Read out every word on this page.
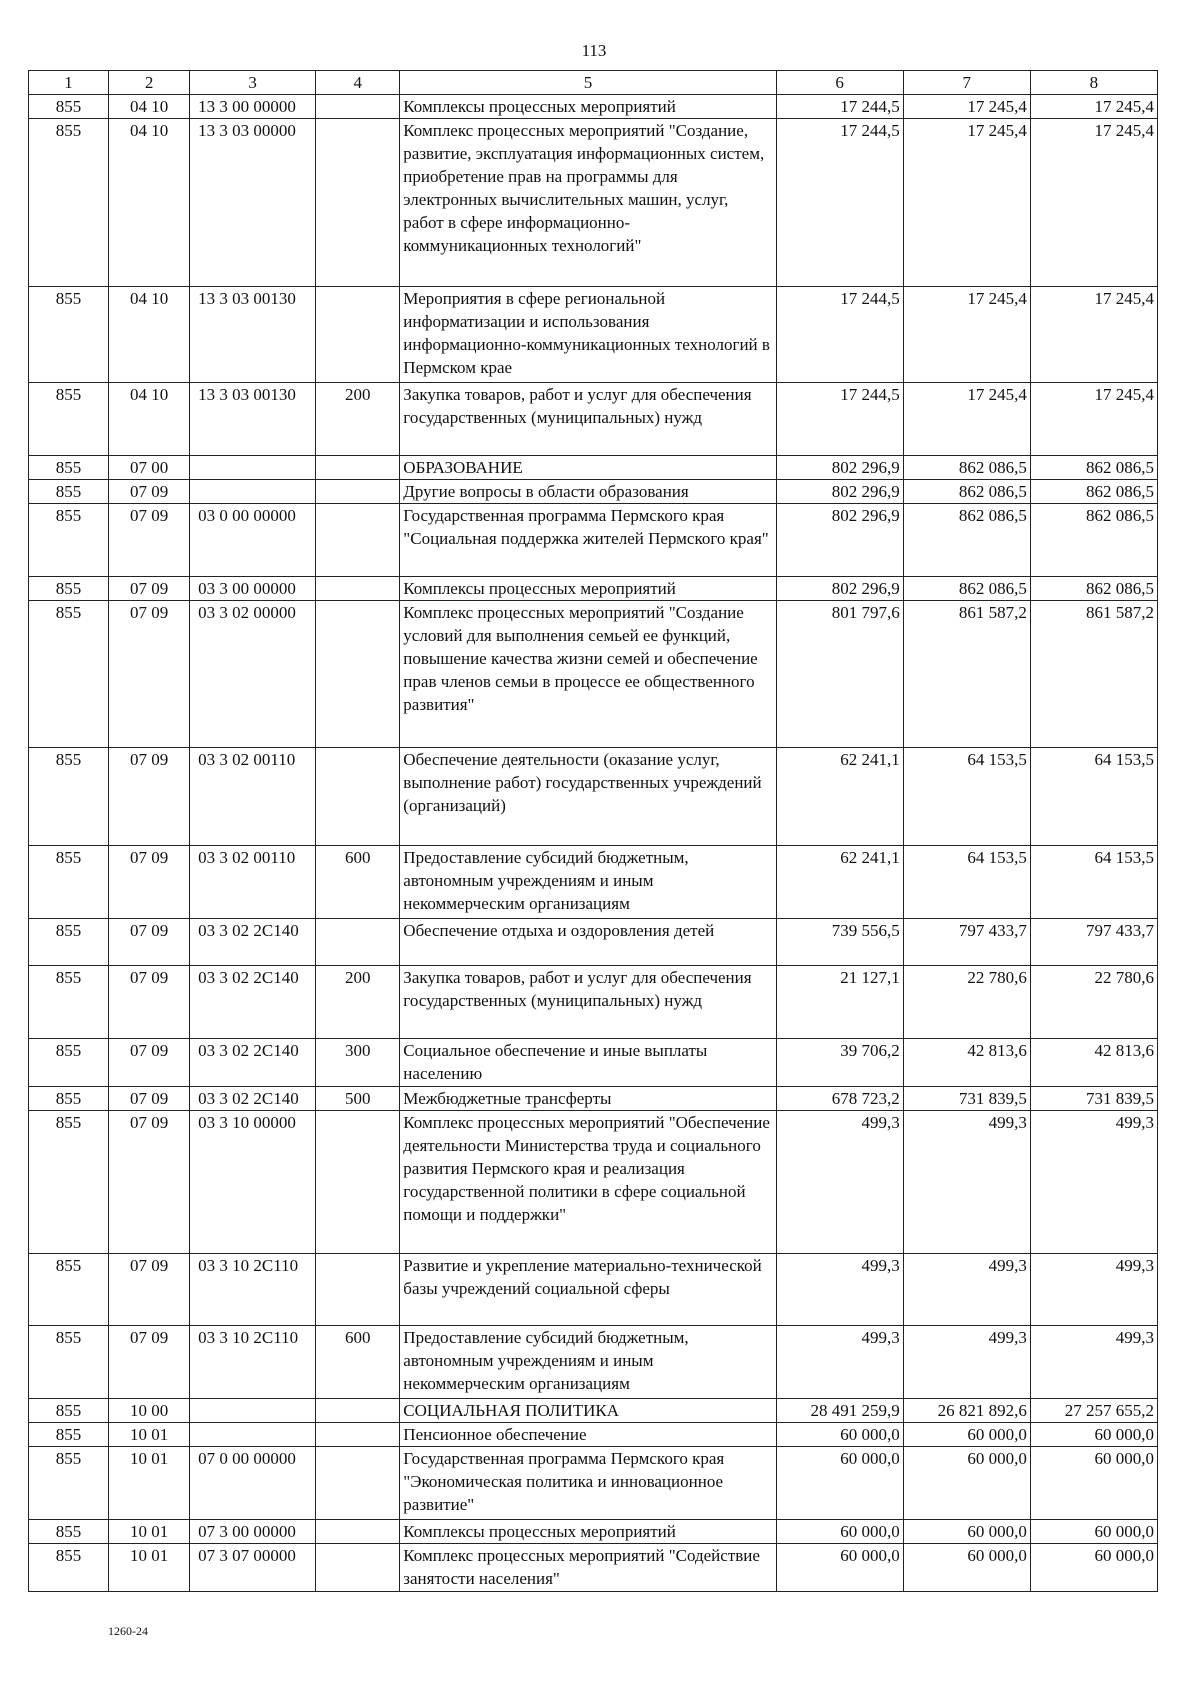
113
1	2	3	4	5	6	7	8
855	04 10	13 3 00 00000		Комплексы процессных мероприятий	17 244,5	17 245,4	17 245,4
855	04 10	13 3 03 00000		Комплекс процессных мероприятий "Создание, развитие, эксплуатация информационных систем, приобретение прав на программы для электронных вычислительных машин, услуг, работ в сфере информационно-коммуникационных технологий"	17 244,5	17 245,4	17 245,4
855	04 10	13 3 03 00130		Мероприятия в сфере региональной информатизации и использования информационно-коммуникационных технологий в Пермском крае	17 244,5	17 245,4	17 245,4
855	04 10	13 3 03 00130	200	Закупка товаров, работ и услуг для обеспечения государственных (муниципальных) нужд	17 244,5	17 245,4	17 245,4
855	07 00			ОБРАЗОВАНИЕ	802 296,9	862 086,5	862 086,5
855	07 09			Другие вопросы в области образования	802 296,9	862 086,5	862 086,5
855	07 09	03 0 00 00000		Государственная программа Пермского края "Социальная поддержка жителей Пермского края"	802 296,9	862 086,5	862 086,5
855	07 09	03 3 00 00000		Комплексы процессных мероприятий	802 296,9	862 086,5	862 086,5
855	07 09	03 3 02 00000		Комплекс процессных мероприятий "Создание условий для выполнения семьей ее функций, повышение качества жизни семей и обеспечение прав членов семьи в процессе ее общественного развития"	801 797,6	861 587,2	861 587,2
855	07 09	03 3 02 00110		Обеспечение деятельности (оказание услуг, выполнение работ) государственных учреждений (организаций)	62 241,1	64 153,5	64 153,5
855	07 09	03 3 02 00110	600	Предоставление субсидий бюджетным, автономным учреждениям и иным некоммерческим организациям	62 241,1	64 153,5	64 153,5
855	07 09	03 3 02 2С140		Обеспечение отдыха и оздоровления детей	739 556,5	797 433,7	797 433,7
855	07 09	03 3 02 2С140	200	Закупка товаров, работ и услуг для обеспечения государственных (муниципальных) нужд	21 127,1	22 780,6	22 780,6
855	07 09	03 3 02 2С140	300	Социальное обеспечение и иные выплаты населению	39 706,2	42 813,6	42 813,6
855	07 09	03 3 02 2С140	500	Межбюджетные трансферты	678 723,2	731 839,5	731 839,5
855	07 09	03 3 10 00000		Комплекс процессных мероприятий "Обеспечение деятельности Министерства труда и социального развития Пермского края и реализация государственной политики в сфере социальной помощи и поддержки"	499,3	499,3	499,3
855	07 09	03 3 10 2С110		Развитие и укрепление материально-технической базы учреждений социальной сферы	499,3	499,3	499,3
855	07 09	03 3 10 2С110	600	Предоставление субсидий бюджетным, автономным учреждениям и иным некоммерческим организациям	499,3	499,3	499,3
855	10 00			СОЦИАЛЬНАЯ ПОЛИТИКА	28 491 259,9	26 821 892,6	27 257 655,2
855	10 01			Пенсионное обеспечение	60 000,0	60 000,0	60 000,0
855	10 01	07 0 00 00000		Государственная программа Пермского края "Экономическая политика и инновационное развитие"	60 000,0	60 000,0	60 000,0
855	10 01	07 3 00 00000		Комплексы процессных мероприятий	60 000,0	60 000,0	60 000,0
855	10 01	07 3 07 00000		Комплекс процессных мероприятий "Содействие занятости населения"	60 000,0	60 000,0	60 000,0
1260-24
